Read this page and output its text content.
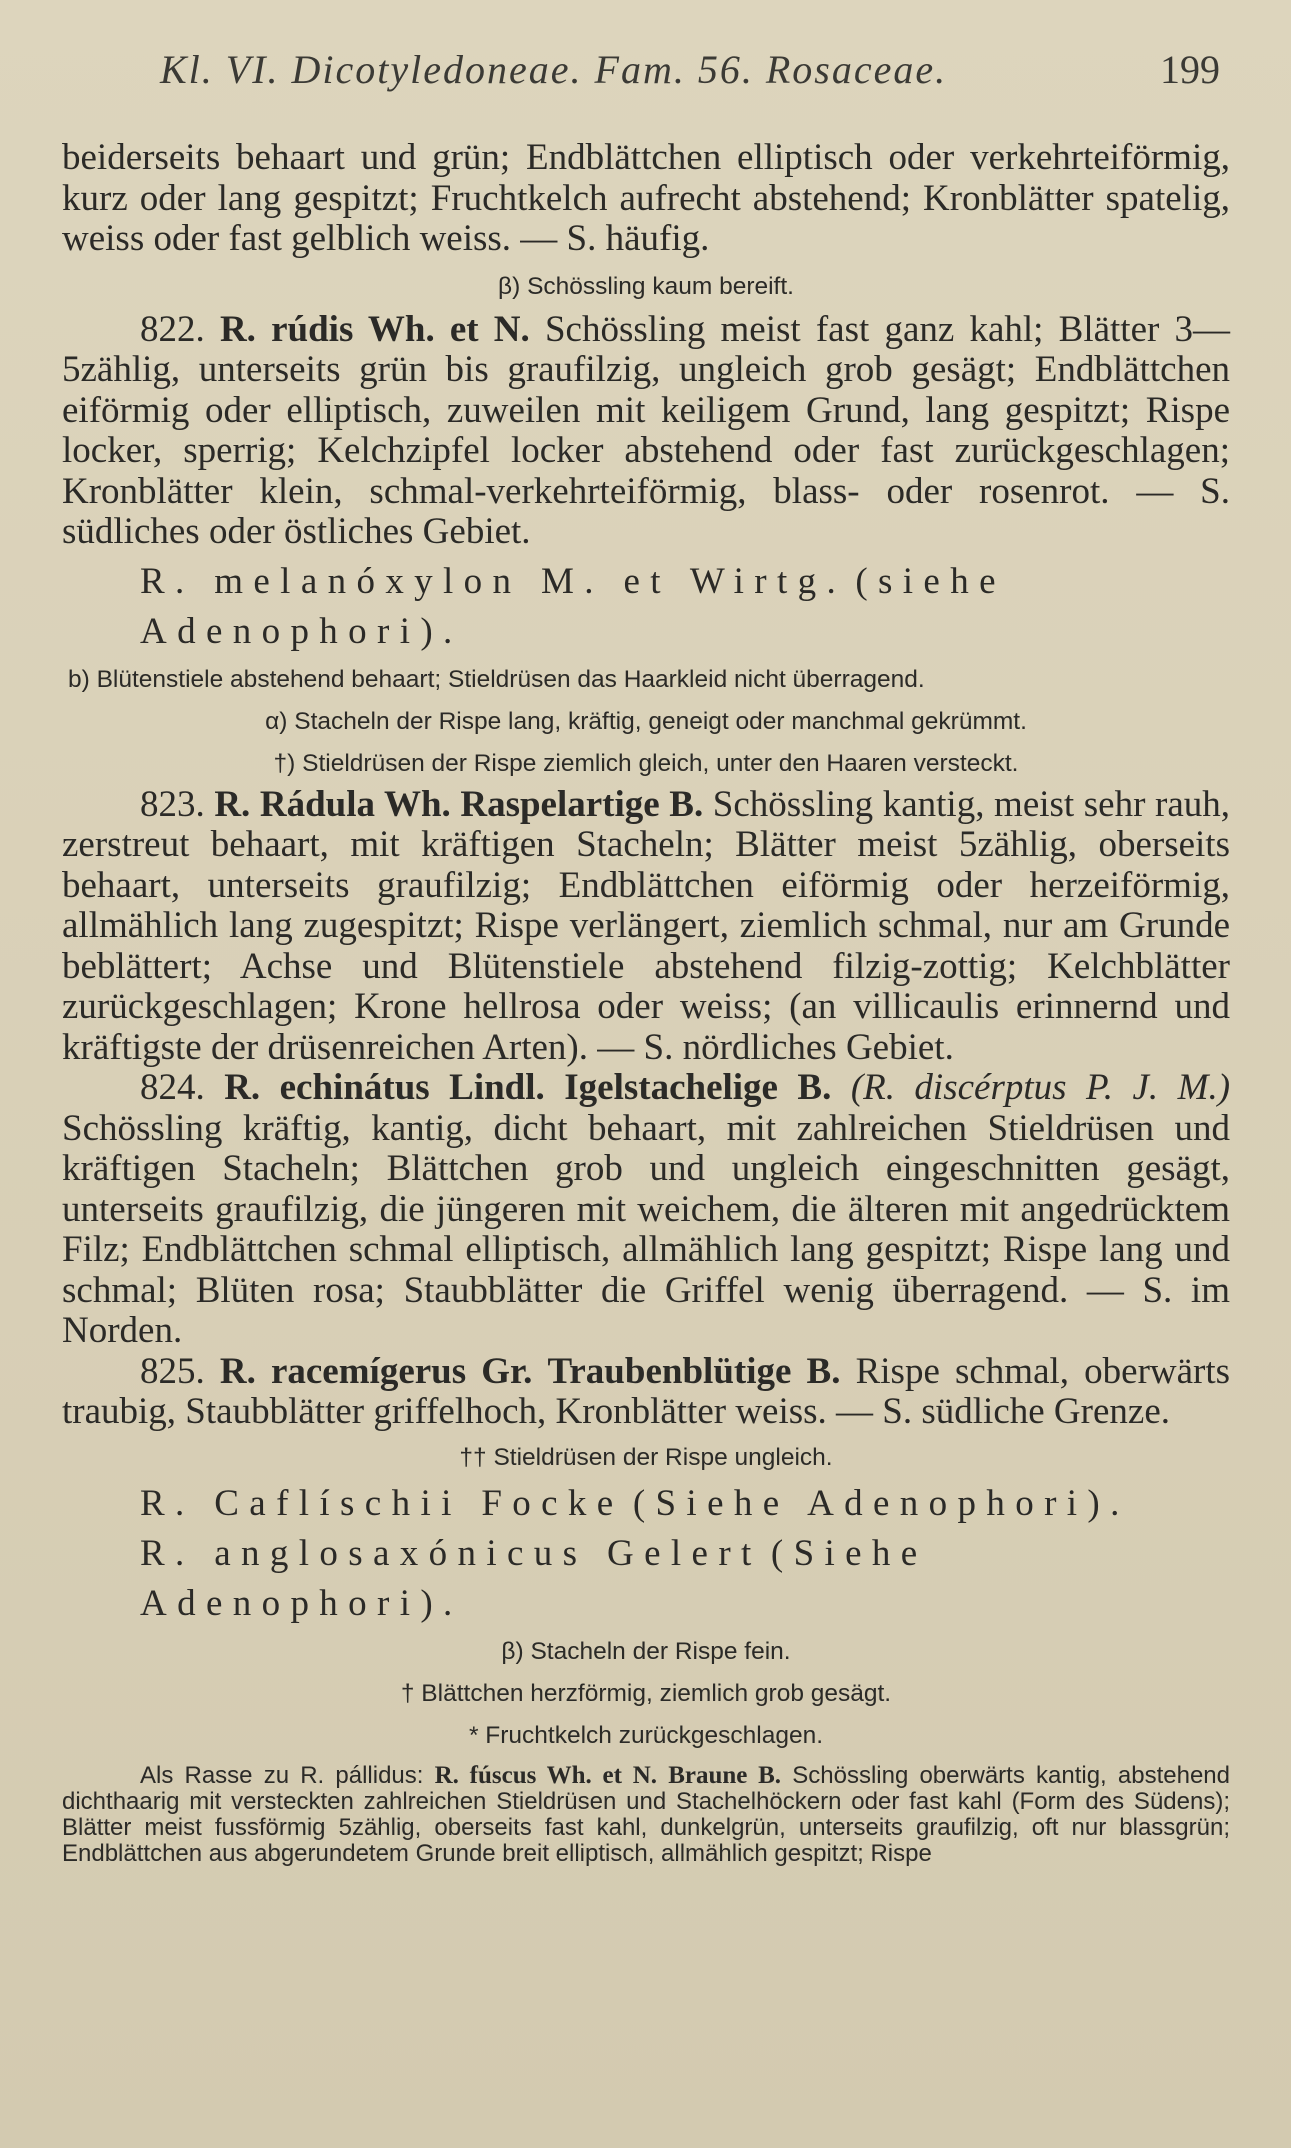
Kl. VI. Dicotyledoneae. Fam. 56. Rosaceae.	199

beiderseits behaart und grün; Endblättchen elliptisch oder verkehrteiförmig, kurz oder lang gespitzt; Fruchtkelch aufrecht abstehend; Kronblätter spatelig, weiss oder fast gelblich weiss. — S. häufig.

β) Schössling kaum bereift.

822. R. rúdis Wh. et N. Schössling meist fast ganz kahl; Blätter 3—5zählig, unterseits grün bis graufilzig, ungleich grob gesägt; Endblättchen eiförmig oder elliptisch, zuweilen mit keiligem Grund, lang gespitzt; Rispe locker, sperrig; Kelchzipfel locker abstehend oder fast zurückgeschlagen; Kronblätter klein, schmal-verkehrteiförmig, blass- oder rosenrot. — S. südliches oder östliches Gebiet.

R. melanóxylon M. et Wirtg. (siehe Adenophori).

b) Blütenstiele abstehend behaart; Stieldrüsen das Haarkleid nicht überragend.

α) Stacheln der Rispe lang, kräftig, geneigt oder manchmal gekrümmt.

†) Stieldrüsen der Rispe ziemlich gleich, unter den Haaren versteckt.

823. R. Rádula Wh. Raspelartige B. Schössling kantig, meist sehr rauh, zerstreut behaart, mit kräftigen Stacheln; Blätter meist 5zählig, oberseits behaart, unterseits graufilzig; Endblättchen eiförmig oder herzeiförmig, allmählich lang zugespitzt; Rispe verlängert, ziemlich schmal, nur am Grunde beblättert; Achse und Blütenstiele abstehend filzig-zottig; Kelchblätter zurückgeschlagen; Krone hellrosa oder weiss; (an villicaulis erinnernd und kräftigste der drüsenreichen Arten). — S. nördliches Gebiet.

824. R. echinátus Lindl. Igelstachelige B. (R. discérptus P. J. M.) Schössling kräftig, kantig, dicht behaart, mit zahlreichen Stieldrüsen und kräftigen Stacheln; Blättchen grob und ungleich eingeschnitten gesägt, unterseits graufilzig, die jüngeren mit weichem, die älteren mit angedrücktem Filz; Endblättchen schmal elliptisch, allmählich lang gespitzt; Rispe lang und schmal; Blüten rosa; Staubblätter die Griffel wenig überragend. — S. im Norden.

825. R. racemígerus Gr. Traubenblütige B. Rispe schmal, oberwärts traubig, Staubblätter griffelhoch, Kronblätter weiss. — S. südliche Grenze.

†† Stieldrüsen der Rispe ungleich.

R. Caflíschii Focke (Siehe Adenophori).

R. anglosaxónicus Gelert (Siehe Adenophori).

β) Stacheln der Rispe fein.

† Blättchen herzförmig, ziemlich grob gesägt.

* Fruchtkelch zurückgeschlagen.

Als Rasse zu R. pállidus: R. fúscus Wh. et N. Braune B. Schössling oberwärts kantig, abstehend dichthaarig mit versteckten zahlreichen Stieldrüsen und Stachelhöckern oder fast kahl (Form des Südens); Blätter meist fussförmig 5zählig, oberseits fast kahl, dunkelgrün, unterseits graufilzig, oft nur blassgrün; Endblättchen aus abgerundetem Grunde breit elliptisch, allmählich gespitzt; Rispe
